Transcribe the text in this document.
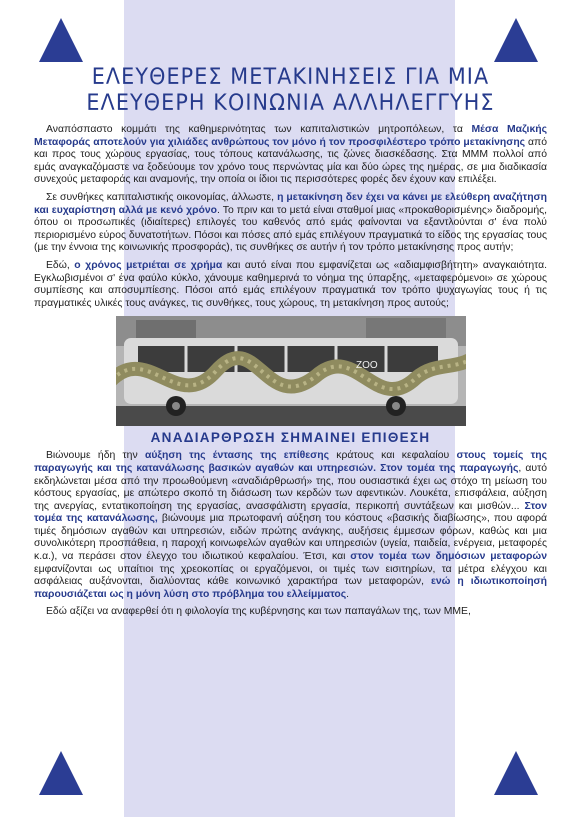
ΕΛΕΥΘΕΡΕΣ ΜΕΤΑΚΙΝΗΣΕΙΣ ΓΙΑ ΜΙΑ
ΕΛΕΥΘΕΡΗ ΚΟΙΝΩΝΙΑ ΑΛΛΗΛΕΓΓΥΗΣ

Αναπόσπαστο κομμάτι της καθημερινότητας των καπιταλιστικών μητροπόλεων, τα Μέσα Μαζικής Μεταφοράς αποτελούν για χιλιάδες ανθρώπους τον μόνο ή τον προσφιλέστερο τρόπο μετακίνησης από και προς τους χώρους εργασίας, τους τόπους κατανάλωσης, τις ζώνες διασκέδασης. Στα ΜΜΜ πολλοί από εμάς αναγκαζόμαστε να ξοδεύουμε τον χρόνο τους περνώντας μία και δύο ώρες της ημέρας, σε μια διαδικασία συνεχούς μεταφοράς και αναμονής, την οποία οι ίδιοι τις περισσότερες φορές δεν έχουν καν επιλέξει.

Σε συνθήκες καπιταλιστικής οικονομίας, άλλωστε, η μετακίνηση δεν έχει να κάνει με ελεύθερη αναζήτηση και ευχαρίστηση αλλά με κενό χρόνο. Το πριν και το μετά είναι σταθμοί μιας «προκαθορισμένης» διαδρομής, όπου οι προσωπικές (ιδιαίτερες) επιλογές του καθενός από εμάς φαίνονται να εξαντλούνται σ' ένα πολύ περιορισμένο εύρος δυνατοτήτων. Πόσοι και πόσες από εμάς επιλέγουν πραγματικά το είδος της εργασίας τους (με την έννοια της κοινωνικής προσφοράς), τις συνθήκες σε αυτήν ή τον τρόπο μετακίνησης προς αυτήν;

Εδώ, ο χρόνος μετριέται σε χρήμα και αυτό είναι που εμφανίζεται ως «αδιαμφισβήτητη» αναγκαιότητα. Εγκλωβισμένοι σ' ένα φαύλο κύκλο, χάνουμε καθημερινά το νόημα της ύπαρξης, «μεταφερόμενοι» σε χώρους συμπίεσης και αποσυμπίεσης. Πόσοι από εμάς επιλέγουν πραγματικά τον τρόπο ψυχαγωγίας τους ή τις πραγματικές υλικές τους ανάγκες, τις συνθήκες, τους χώρους, τη μετακίνηση προς αυτούς;

ZOO
ΑΝΑΔΙΑΡΘΡΩΣΗ ΣΗΜΑΙΝΕΙ ΕΠΙΘΕΣΗ

Βιώνουμε ήδη την αύξηση της έντασης της επίθεσης κράτους και κεφαλαίου στους τομείς της παραγωγής και της κατανάλωσης βασικών αγαθών και υπηρεσιών. Στον τομέα της παραγωγής, αυτό εκδηλώνεται μέσα από την προωθούμενη «αναδιάρθρωσή» της, που ουσιαστικά έχει ως στόχο τη μείωση του κόστους εργασίας, με απώτερο σκοπό τη διάσωση των κερδών των αφεντικών. Λουκέτα, επισφάλεια, αύξηση της ανεργίας, εντατικοποίηση της εργασίας, ανασφάλιστη εργασία, περικοπή συντάξεων και μισθών... Στον τομέα της κατανάλωσης, βιώνουμε μια πρωτοφανή αύξηση του κόστους «βασικής διαβίωσης», που αφορά τιμές δημόσιων αγαθών και υπηρεσιών, ειδών πρώτης ανάγκης, αυξήσεις έμμεσων φόρων, καθώς και μια συνολικότερη προσπάθεια, η παροχή κοινωφελών αγαθών και υπηρεσιών (υγεία, παιδεία, ενέργεια, μεταφορές κ.α.), να περάσει στον έλεγχο του ιδιωτικού κεφαλαίου. Έτσι, και στον τομέα των δημόσιων μεταφορών εμφανίζονται ως υπαίτιοι της χρεοκοπίας οι εργαζόμενοι, οι τιμές των εισιτηρίων, τα μέτρα ελέγχου και ασφάλειας αυξάνονται, διαλύοντας κάθε κοινωνικό χαρακτήρα των μεταφορών, ενώ η ιδιωτικοποίησή παρουσιάζεται ως η μόνη λύση στο πρόβλημα του ελλείμματος.

Εδώ αξίζει να αναφερθεί ότι η φιλολογία της κυβέρνησης και των παπαγάλων της, των ΜΜΕ,
